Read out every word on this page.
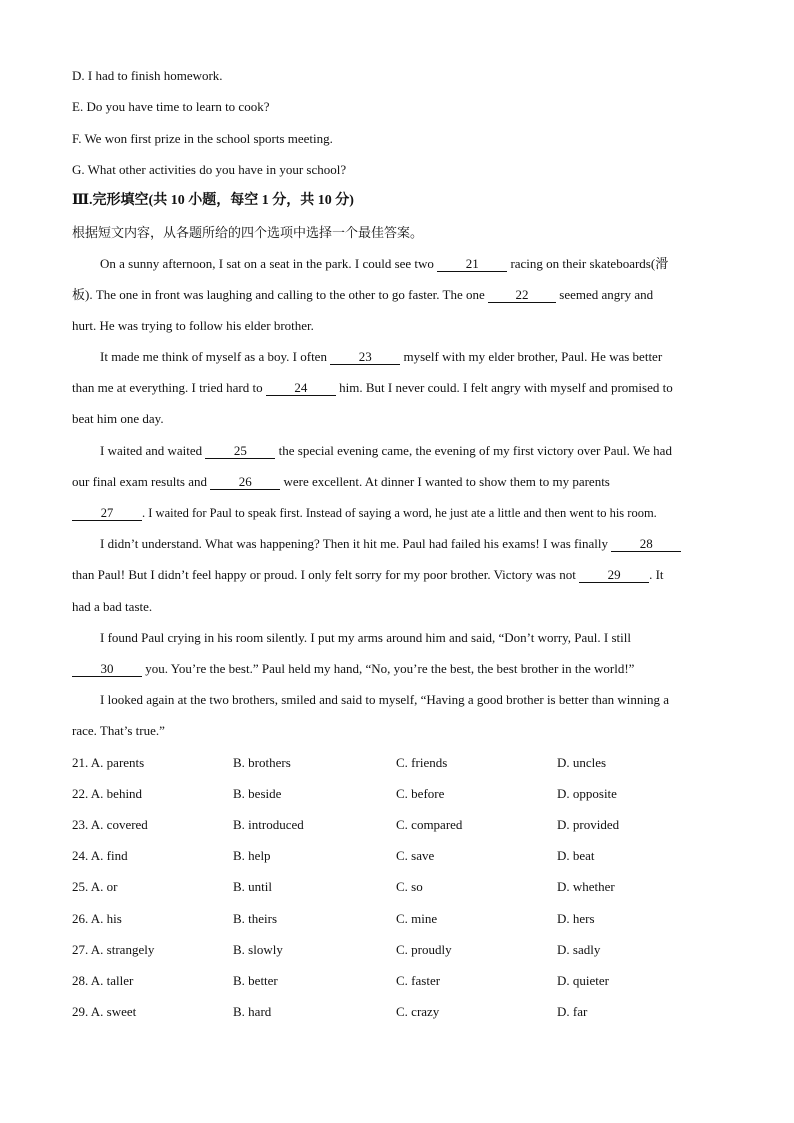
D. I had to finish homework.
E. Do you have time to learn to cook?
F. We won first prize in the school sports meeting.
G. What other activities do you have in your school?
Ⅲ.完形填空(共 10 小题，每空 1 分，共 10 分)
根据短文内容，从各题所给的四个选项中选择一个最佳答案。
On a sunny afternoon, I sat on a seat in the park. I could see two 21 racing on their skateboards(滑
板). The one in front was laughing and calling to the other to go faster. The one 22 seemed angry and
hurt. He was trying to follow his elder brother.
It made me think of myself as a boy. I often 23 myself with my elder brother, Paul. He was better
than me at everything. I tried hard to 24 him. But I never could. I felt angry with myself and promised to
beat him one day.
I waited and waited 25 the special evening came, the evening of my first victory over Paul. We had
our final exam results and 26 were excellent. At dinner I wanted to show them to my parents
27 . I waited for Paul to speak first. Instead of saying a word, he just ate a little and then went to his room.
I didn’t understand. What was happening? Then it hit me. Paul had failed his exams! I was finally 28
than Paul! But I didn’t feel happy or proud. I only felt sorry for my poor brother. Victory was not 29 . It
had a bad taste.
I found Paul crying in his room silently. I put my arms around him and said, “Don’t worry, Paul. I still
30 you. You’re the best.” Paul held my hand, “No, you’re the best, the best brother in the world!”
I looked again at the two brothers, smiled and said to myself, “Having a good brother is better than winning a
race. That’s true.”
21. A. parents	B. brothers	C. friends	D. uncles
22. A. behind	B. beside	C. before	D. opposite
23. A. covered	B. introduced	C. compared	D. provided
24. A. find	B. help	C. save	D. beat
25. A. or	B. until	C. so	D. whether
26. A. his	B. theirs	C. mine	D. hers
27. A. strangely	B. slowly	C. proudly	D. sadly
28. A. taller	B. better	C. faster	D. quieter
29. A. sweet	B. hard	C. crazy	D. far
